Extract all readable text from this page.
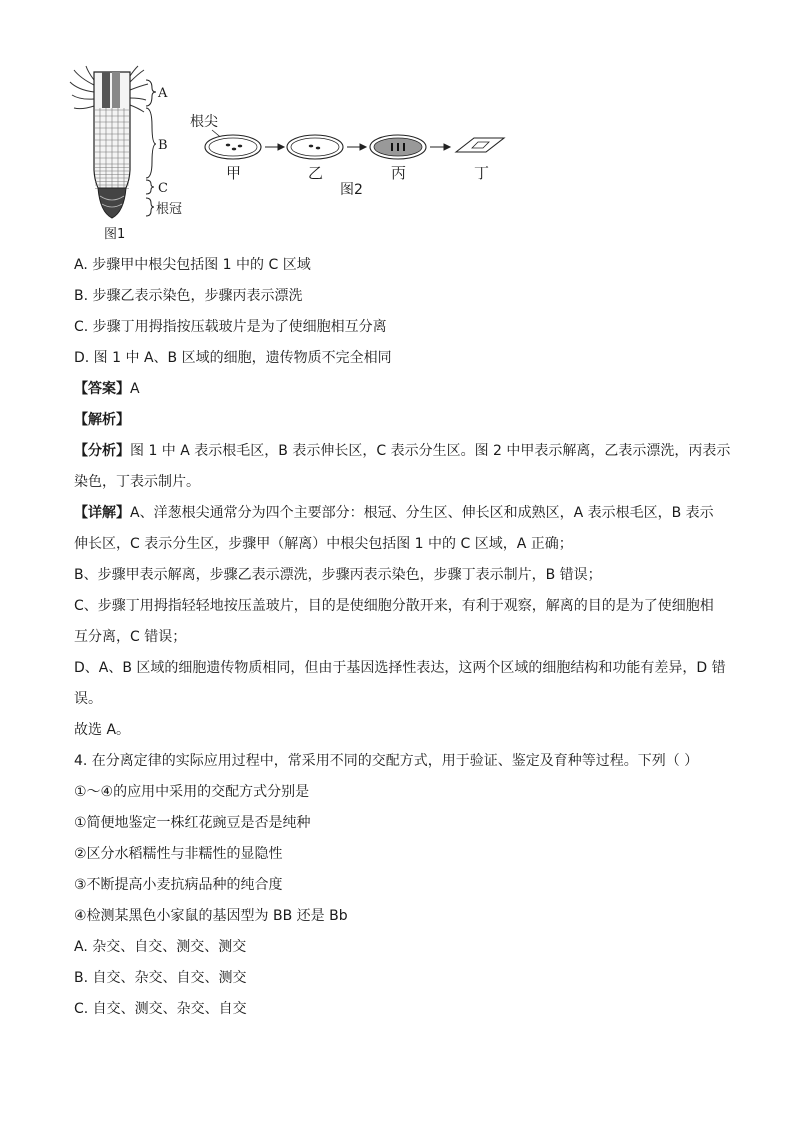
A
B
C
根冠
图1
根尖
甲	乙	丙	丁
图2
A. 步骤甲中根尖包括图 1 中的 C 区域
B. 步骤乙表示染色，步骤丙表示漂洗
C. 步骤丁用拇指按压载玻片是为了使细胞相互分离
D. 图 1 中 A、B 区域的细胞，遗传物质不完全相同
【答案】A
【解析】
【分析】图 1 中 A 表示根毛区，B 表示伸长区，C 表示分生区。图 2 中甲表示解离，乙表示漂洗，丙表示
染色，丁表示制片。
【详解】A、洋葱根尖通常分为四个主要部分：根冠、分生区、伸长区和成熟区，A 表示根毛区，B 表示
伸长区，C 表示分生区，步骤甲（解离）中根尖包括图 1 中的 C 区域，A 正确；
B、步骤甲表示解离，步骤乙表示漂洗，步骤丙表示染色，步骤丁表示制片，B 错误；
C、步骤丁用拇指轻轻地按压盖玻片，目的是使细胞分散开来，有利于观察，解离的目的是为了使细胞相
互分离，C 错误；
D、A、B 区域的细胞遗传物质相同，但由于基因选择性表达，这两个区域的细胞结构和功能有差异，D 错
误。
故选 A。
4. 在分离定律的实际应用过程中，常采用不同的交配方式，用于验证、鉴定及育种等过程。下列（ ）
①～④的应用中采用的交配方式分别是
①简便地鉴定一株红花豌豆是否是纯种
②区分水稻糯性与非糯性的显隐性
③不断提高小麦抗病品种的纯合度
④检测某黑色小家鼠的基因型为 BB 还是 Bb
A. 杂交、自交、测交、测交
B. 自交、杂交、自交、测交
C. 自交、测交、杂交、自交
